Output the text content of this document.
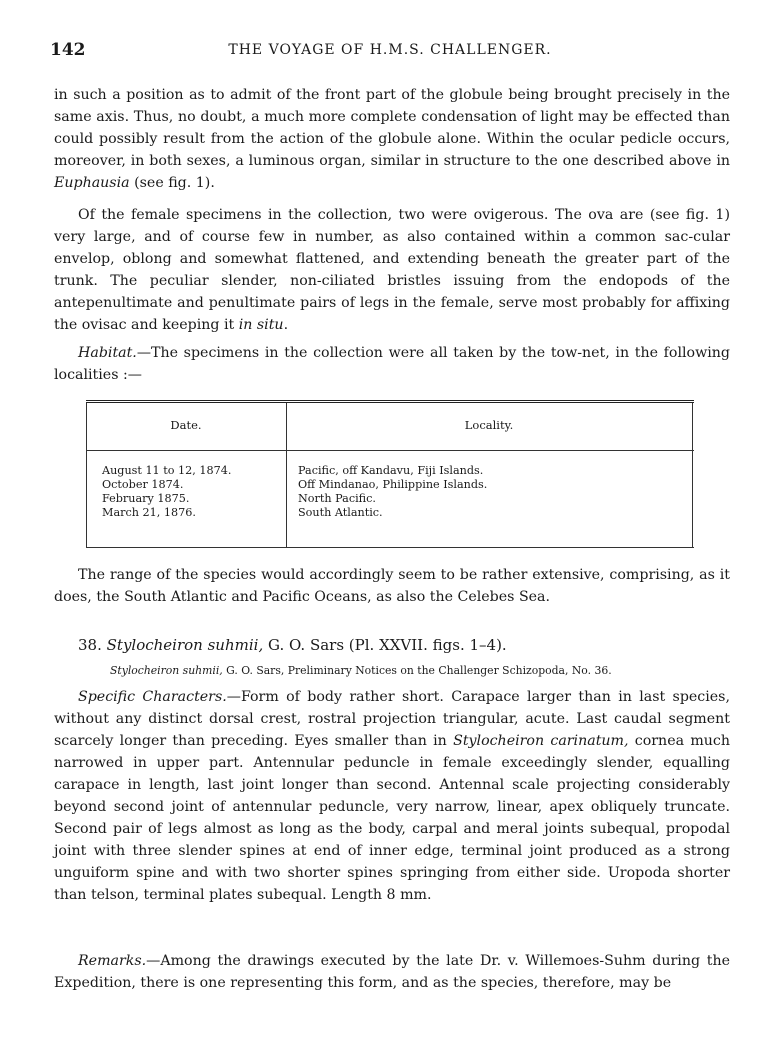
142	THE VOYAGE OF H.M.S. CHALLENGER.

in such a position as to admit of the front part of the globule being brought precisely in the same axis. Thus, no doubt, a much more complete condensation of light may be effected than could possibly result from the action of the globule alone. Within the ocular pedicle occurs, moreover, in both sexes, a luminous organ, similar in structure to the one described above in Euphausia (see fig. 1).

Of the female specimens in the collection, two were ovigerous. The ova are (see fig. 1) very large, and of course few in number, as also contained within a common sac-cular envelop, oblong and somewhat flattened, and extending beneath the greater part of the trunk. The peculiar slender, non-ciliated bristles issuing from the endopods of the antepenultimate and penultimate pairs of legs in the female, serve most probably for affixing the ovisac and keeping it in situ.

Habitat.—The specimens in the collection were all taken by the tow-net, in the following localities :—

Date.	Locality.
August 11 to 12, 1874.
October 1874.
February 1875.
March 21, 1876.
Pacific, off Kandavu, Fiji Islands.
Off Mindanao, Philippine Islands.
North Pacific.
South Atlantic.

The range of the species would accordingly seem to be rather extensive, comprising, as it does, the South Atlantic and Pacific Oceans, as also the Celebes Sea.

38. Stylocheiron suhmii, G. O. Sars (Pl. XXVII. figs. 1–4).
Stylocheiron suhmii, G. O. Sars, Preliminary Notices on the Challenger Schizopoda, No. 36.

Specific Characters.—Form of body rather short. Carapace larger than in last species, without any distinct dorsal crest, rostral projection triangular, acute. Last caudal segment scarcely longer than preceding. Eyes smaller than in Stylocheiron carinatum, cornea much narrowed in upper part. Antennular peduncle in female exceedingly slender, equalling carapace in length, last joint longer than second. Antennal scale projecting considerably beyond second joint of antennular peduncle, very narrow, linear, apex obliquely truncate. Second pair of legs almost as long as the body, carpal and meral joints subequal, propodal joint with three slender spines at end of inner edge, terminal joint produced as a strong unguiform spine and with two shorter spines springing from either side. Uropoda shorter than telson, terminal plates subequal. Length 8 mm.

Remarks.—Among the drawings executed by the late Dr. v. Willemoes-Suhm during the Expedition, there is one representing this form, and as the species, therefore, may be
